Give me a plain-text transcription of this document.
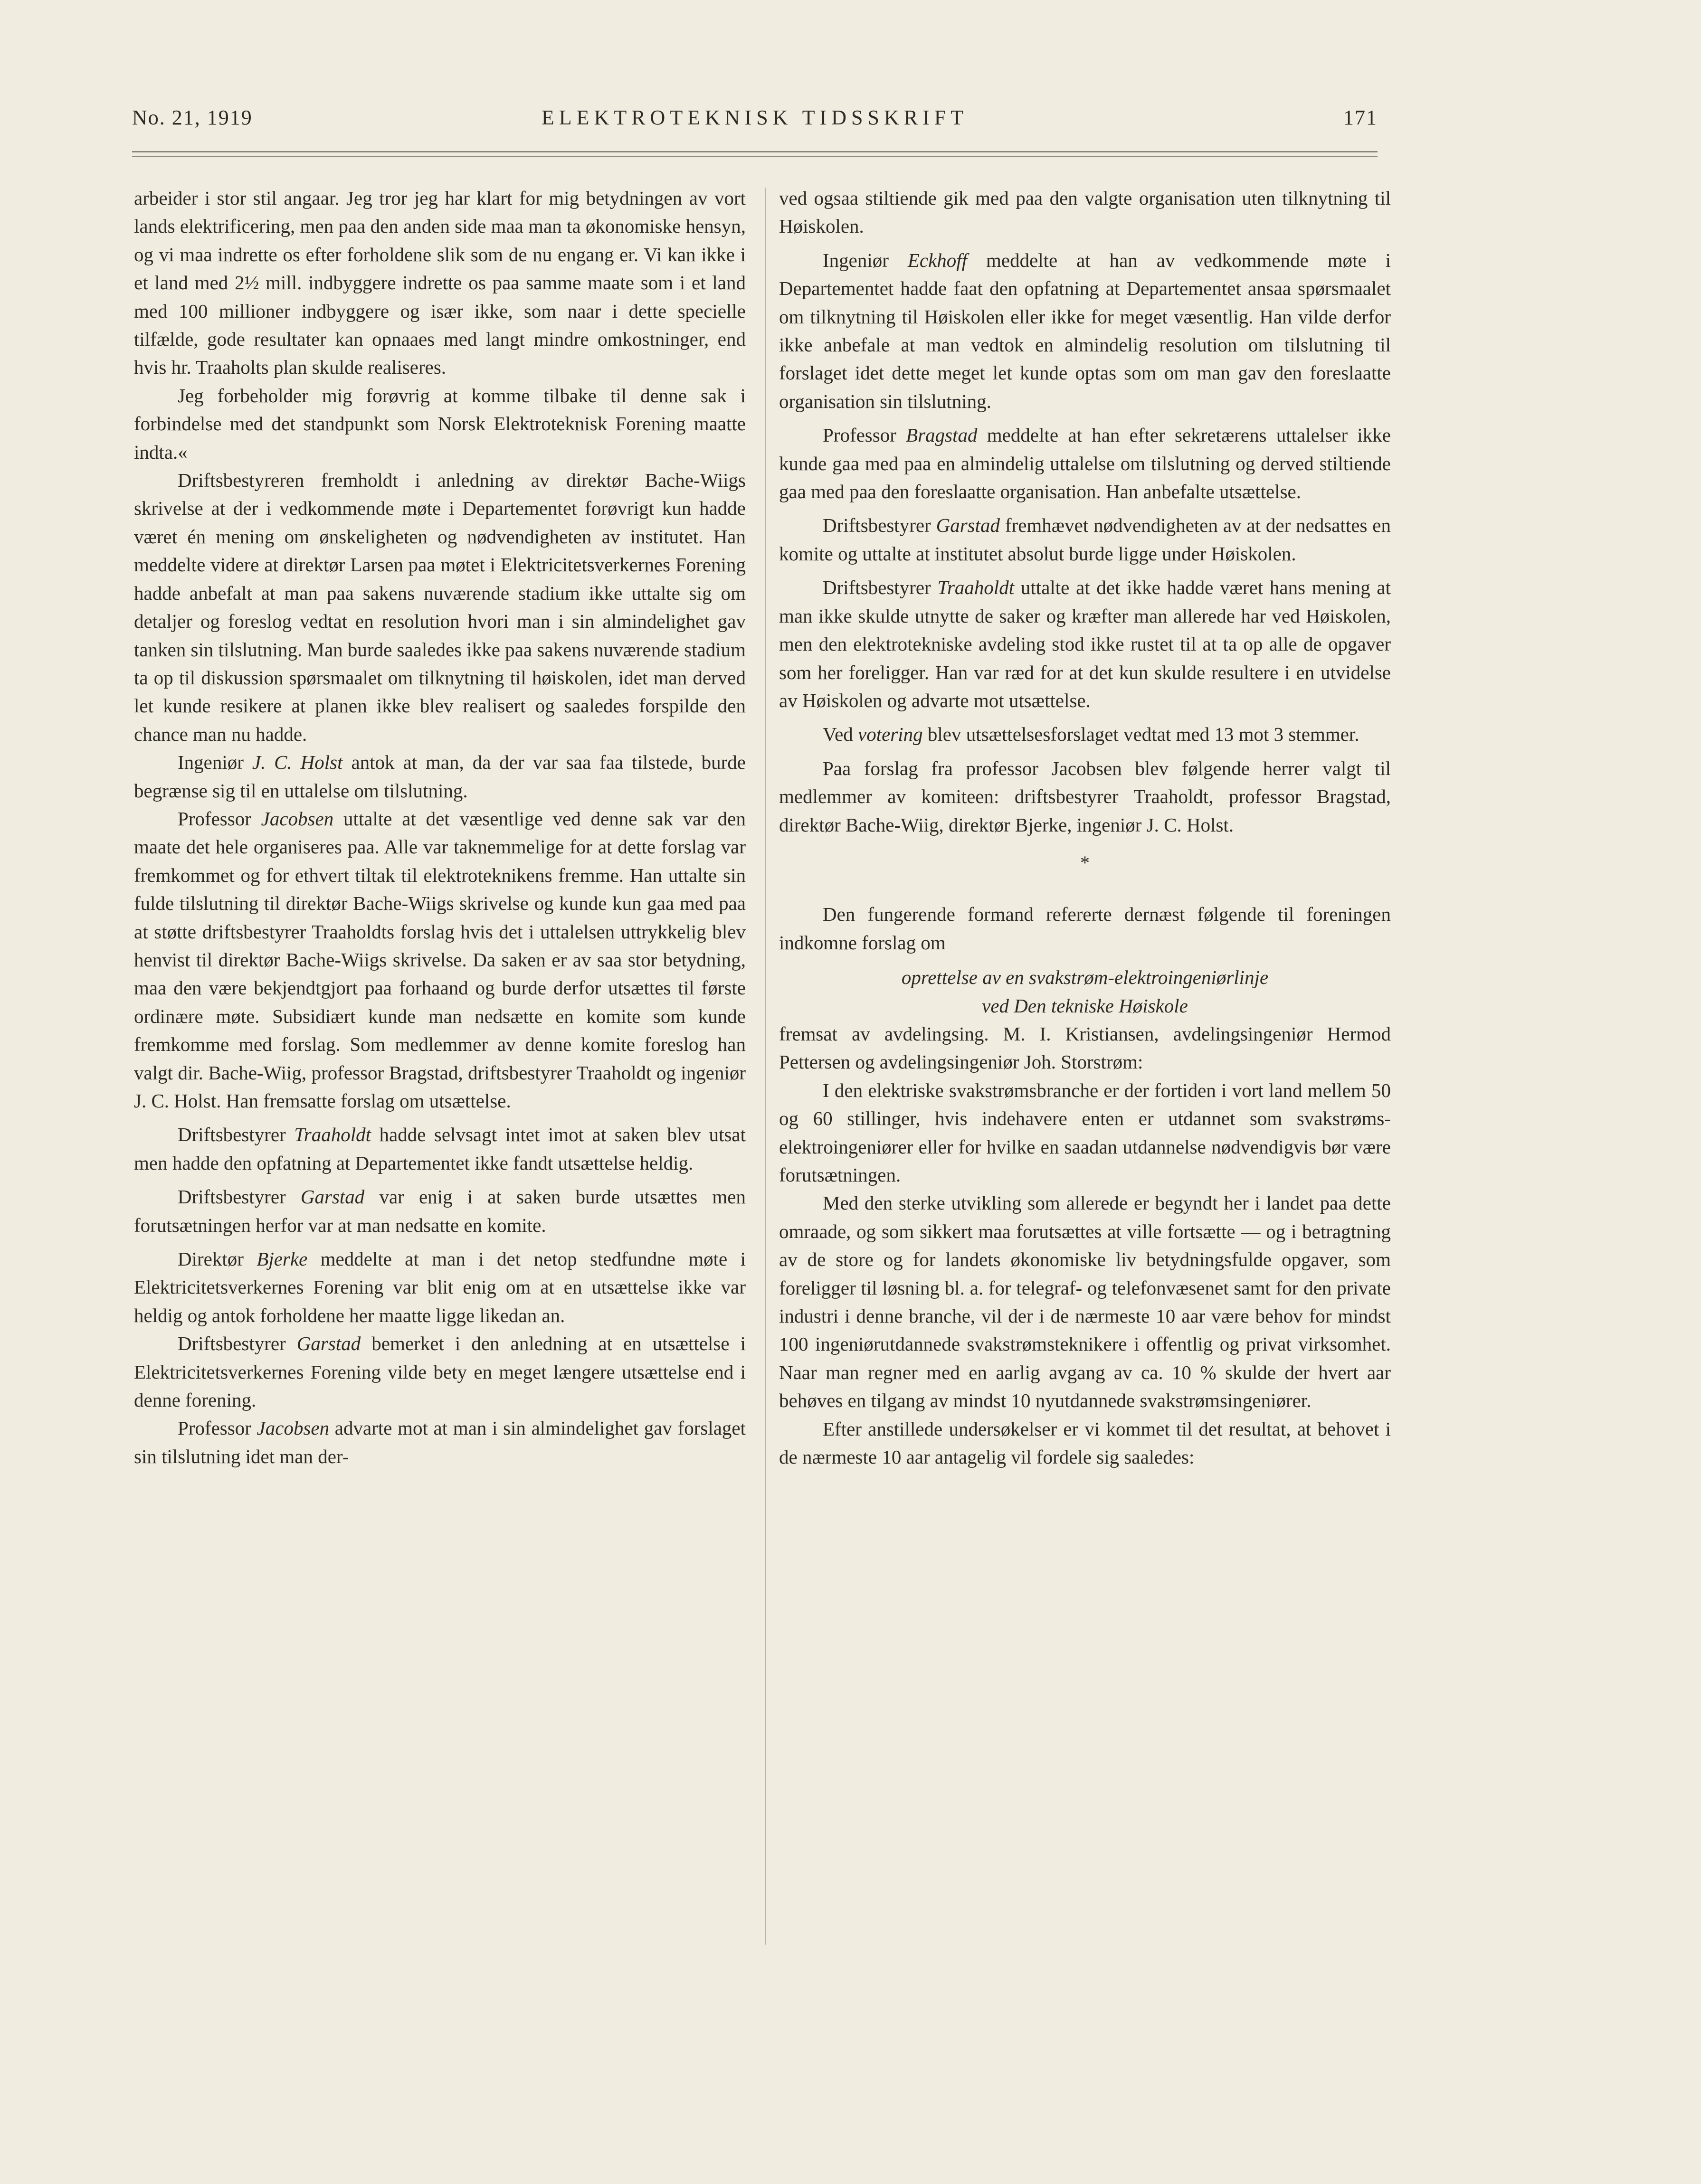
No. 21, 1919	ELEKTROTEKNISK TIDSSKRIFT	171

arbeider i stor stil angaar. Jeg tror jeg har klart for mig betydningen av vort lands elektrificering, men paa den anden side maa man ta økonomiske hensyn, og vi maa indrette os efter forholdene slik som de nu engang er. Vi kan ikke i et land med 2½ mill. indbyggere indrette os paa samme maate som i et land med 100 millioner indbyggere og især ikke, som naar i dette specielle tilfælde, gode resultater kan opnaaes med langt mindre omkostninger, end hvis hr. Traaholts plan skulde realiseres.

Jeg forbeholder mig forøvrig at komme tilbake til denne sak i forbindelse med det standpunkt som Norsk Elektroteknisk Forening maatte indta.«

Driftsbestyreren fremholdt i anledning av direktør Bache-Wiigs skrivelse at der i vedkommende møte i Departementet forøvrigt kun hadde været én mening om ønskeligheten og nødvendigheten av institutet. Han meddelte videre at direktør Larsen paa møtet i Elektricitetsverkernes Forening hadde anbefalt at man paa sakens nuværende stadium ikke uttalte sig om detaljer og foreslog vedtat en resolution hvori man i sin almindelighet gav tanken sin tilslutning. Man burde saaledes ikke paa sakens nuværende stadium ta op til diskussion spørsmaalet om tilknytning til høiskolen, idet man derved let kunde resikere at planen ikke blev realisert og saaledes forspilde den chance man nu hadde.

Ingeniør J. C. Holst antok at man, da der var saa faa tilstede, burde begrænse sig til en uttalelse om tilslutning.

Professor Jacobsen uttalte at det væsentlige ved denne sak var den maate det hele organiseres paa. Alle var taknemmelige for at dette forslag var fremkommet og for ethvert tiltak til elektroteknikens fremme. Han uttalte sin fulde tilslutning til direktør Bache-Wiigs skrivelse og kunde kun gaa med paa at støtte driftsbestyrer Traaholdts forslag hvis det i uttalelsen uttrykkelig blev henvist til direktør Bache-Wiigs skrivelse. Da saken er av saa stor betydning, maa den være bekjendtgjort paa forhaand og burde derfor utsættes til første ordinære møte. Subsidiært kunde man nedsætte en komite som kunde fremkomme med forslag. Som medlemmer av denne komite foreslog han valgt dir. Bache-Wiig, professor Bragstad, driftsbestyrer Traaholdt og ingeniør J. C. Holst. Han fremsatte forslag om utsættelse.

Driftsbestyrer Traaholdt hadde selvsagt intet imot at saken blev utsat men hadde den opfatning at Departementet ikke fandt utsættelse heldig.

Driftsbestyrer Garstad var enig i at saken burde utsættes men forutsætningen herfor var at man nedsatte en komite.

Direktør Bjerke meddelte at man i det netop stedfundne møte i Elektricitetsverkernes Forening var blit enig om at en utsættelse ikke var heldig og antok forholdene her maatte ligge likedan an.

Driftsbestyrer Garstad bemerket i den anledning at en utsættelse i Elektricitetsverkernes Forening vilde bety en meget længere utsættelse end i denne forening.

Professor Jacobsen advarte mot at man i sin almindelighet gav forslaget sin tilslutning idet man der-

ved ogsaa stiltiende gik med paa den valgte organisation uten tilknytning til Høiskolen.

Ingeniør Eckhoff meddelte at han av vedkommende møte i Departementet hadde faat den opfatning at Departementet ansaa spørsmaalet om tilknytning til Høiskolen eller ikke for meget væsentlig. Han vilde derfor ikke anbefale at man vedtok en almindelig resolution om tilslutning til forslaget idet dette meget let kunde optas som om man gav den foreslaatte organisation sin tilslutning.

Professor Bragstad meddelte at han efter sekretærens uttalelser ikke kunde gaa med paa en almindelig uttalelse om tilslutning og derved stiltiende gaa med paa den foreslaatte organisation. Han anbefalte utsættelse.

Driftsbestyrer Garstad fremhævet nødvendigheten av at der nedsattes en komite og uttalte at institutet absolut burde ligge under Høiskolen.

Driftsbestyrer Traaholdt uttalte at det ikke hadde været hans mening at man ikke skulde utnytte de saker og kræfter man allerede har ved Høiskolen, men den elektrotekniske avdeling stod ikke rustet til at ta op alle de opgaver som her foreligger. Han var ræd for at det kun skulde resultere i en utvidelse av Høiskolen og advarte mot utsættelse.

Ved votering blev utsættelsesforslaget vedtat med 13 mot 3 stemmer.

Paa forslag fra professor Jacobsen blev følgende herrer valgt til medlemmer av komiteen: driftsbestyrer Traaholdt, professor Bragstad, direktør Bache-Wiig, direktør Bjerke, ingeniør J. C. Holst.

*

Den fungerende formand refererte dernæst følgende til foreningen indkomne forslag om

oprettelse av en svakstrøm-elektroingeniørlinje
ved Den tekniske Høiskole

fremsat av avdelingsing. M. I. Kristiansen, avdelingsingeniør Hermod Pettersen og avdelingsingeniør Joh. Storstrøm:

I den elektriske svakstrømsbranche er der fortiden i vort land mellem 50 og 60 stillinger, hvis indehavere enten er utdannet som svakstrøms-elektroingeniører eller for hvilke en saadan utdannelse nødvendigvis bør være forutsætningen.

Med den sterke utvikling som allerede er begyndt her i landet paa dette omraade, og som sikkert maa forutsættes at ville fortsætte — og i betragtning av de store og for landets økonomiske liv betydningsfulde opgaver, som foreligger til løsning bl. a. for telegraf- og telefonvæsenet samt for den private industri i denne branche, vil der i de nærmeste 10 aar være behov for mindst 100 ingeniørutdannede svakstrømsteknikere i offentlig og privat virksomhet. Naar man regner med en aarlig avgang av ca. 10 % skulde der hvert aar behøves en tilgang av mindst 10 nyutdannede svakstrømsingeniører.

Efter anstillede undersøkelser er vi kommet til det resultat, at behovet i de nærmeste 10 aar antagelig vil fordele sig saaledes:
